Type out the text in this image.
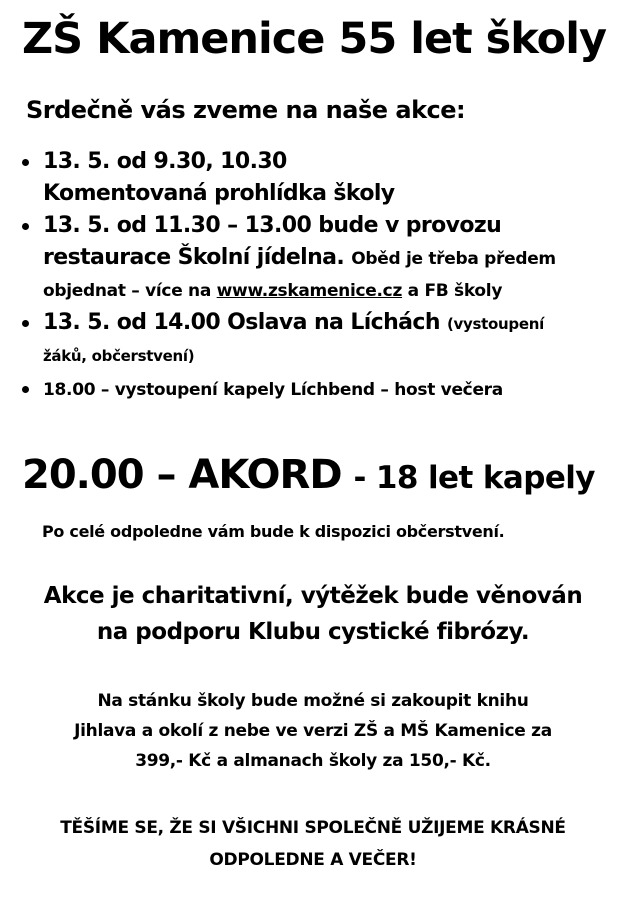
ZŠ Kamenice 55 let školy
Srdečně vás zveme na naše akce:
13. 5. od 9.30, 10.30
Komentovaná prohlídka školy
13. 5. od 11.30 – 13.00 bude v provozu
restaurace Školní jídelna. Oběd je třeba předem
objednat – více na www.zskamenice.cz a FB školy
13. 5. od 14.00 Oslava na Líchách (vystoupení
žáků, občerstvení)
18.00 – vystoupení kapely Líchbend – host večera
20.00 – AKORD - 18 let kapely
Po celé odpoledne vám bude k dispozici občerstvení.
Akce je charitativní, výtěžek bude věnován
na podporu Klubu cystické fibrózy.
Na stánku školy bude možné si zakoupit knihu
Jihlava a okolí z nebe ve verzi ZŠ a MŠ Kamenice za
399,- Kč a almanach školy za 150,- Kč.
TĚŠÍME SE, ŽE SI VŠICHNI SPOLEČNĚ UŽIJEME KRÁSNÉ
ODPOLEDNE A VEČER!
